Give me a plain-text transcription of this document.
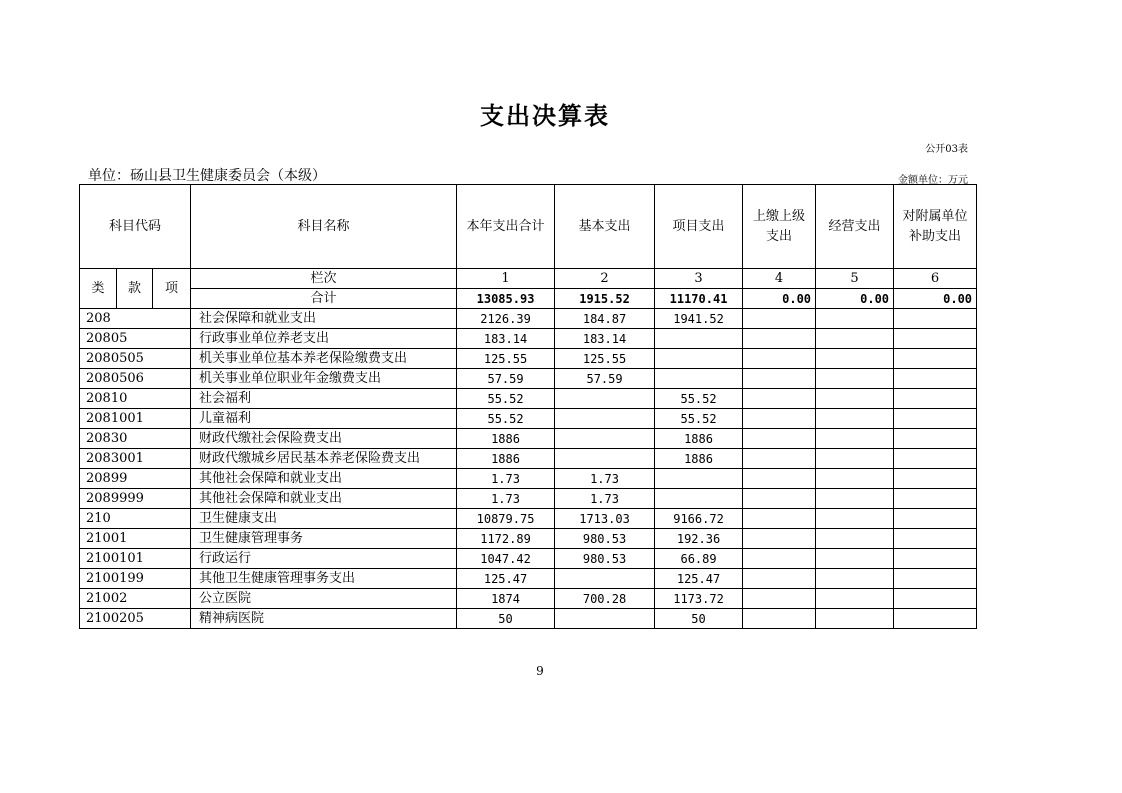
支出决算表
公开03表
单位：砀山县卫生健康委员会（本级）	金额单位：万元
科目代码			科目名称	本年支出合计	基本支出	项目支出	上缴上级支出	经营支出	对附属单位补助支出
类	款	项	栏次	1	2	3	4	5	6
			合计	13085.93	1915.52	11170.41	0.00	0.00	0.00
208			社会保障和就业支出	2126.39	184.87	1941.52			
20805			行政事业单位养老支出	183.14	183.14				
2080505			机关事业单位基本养老保险缴费支出	125.55	125.55				
2080506			机关事业单位职业年金缴费支出	57.59	57.59				
20810			社会福利	55.52		55.52			
2081001			儿童福利	55.52		55.52			
20830			财政代缴社会保险费支出	1886		1886			
2083001			财政代缴城乡居民基本养老保险费支出	1886		1886			
20899			其他社会保障和就业支出	1.73	1.73				
2089999			其他社会保障和就业支出	1.73	1.73				
210			卫生健康支出	10879.75	1713.03	9166.72			
21001			卫生健康管理事务	1172.89	980.53	192.36			
2100101			行政运行	1047.42	980.53	66.89			
2100199			其他卫生健康管理事务支出	125.47		125.47			
21002			公立医院	1874	700.28	1173.72			
2100205			精神病医院	50		50			
9
